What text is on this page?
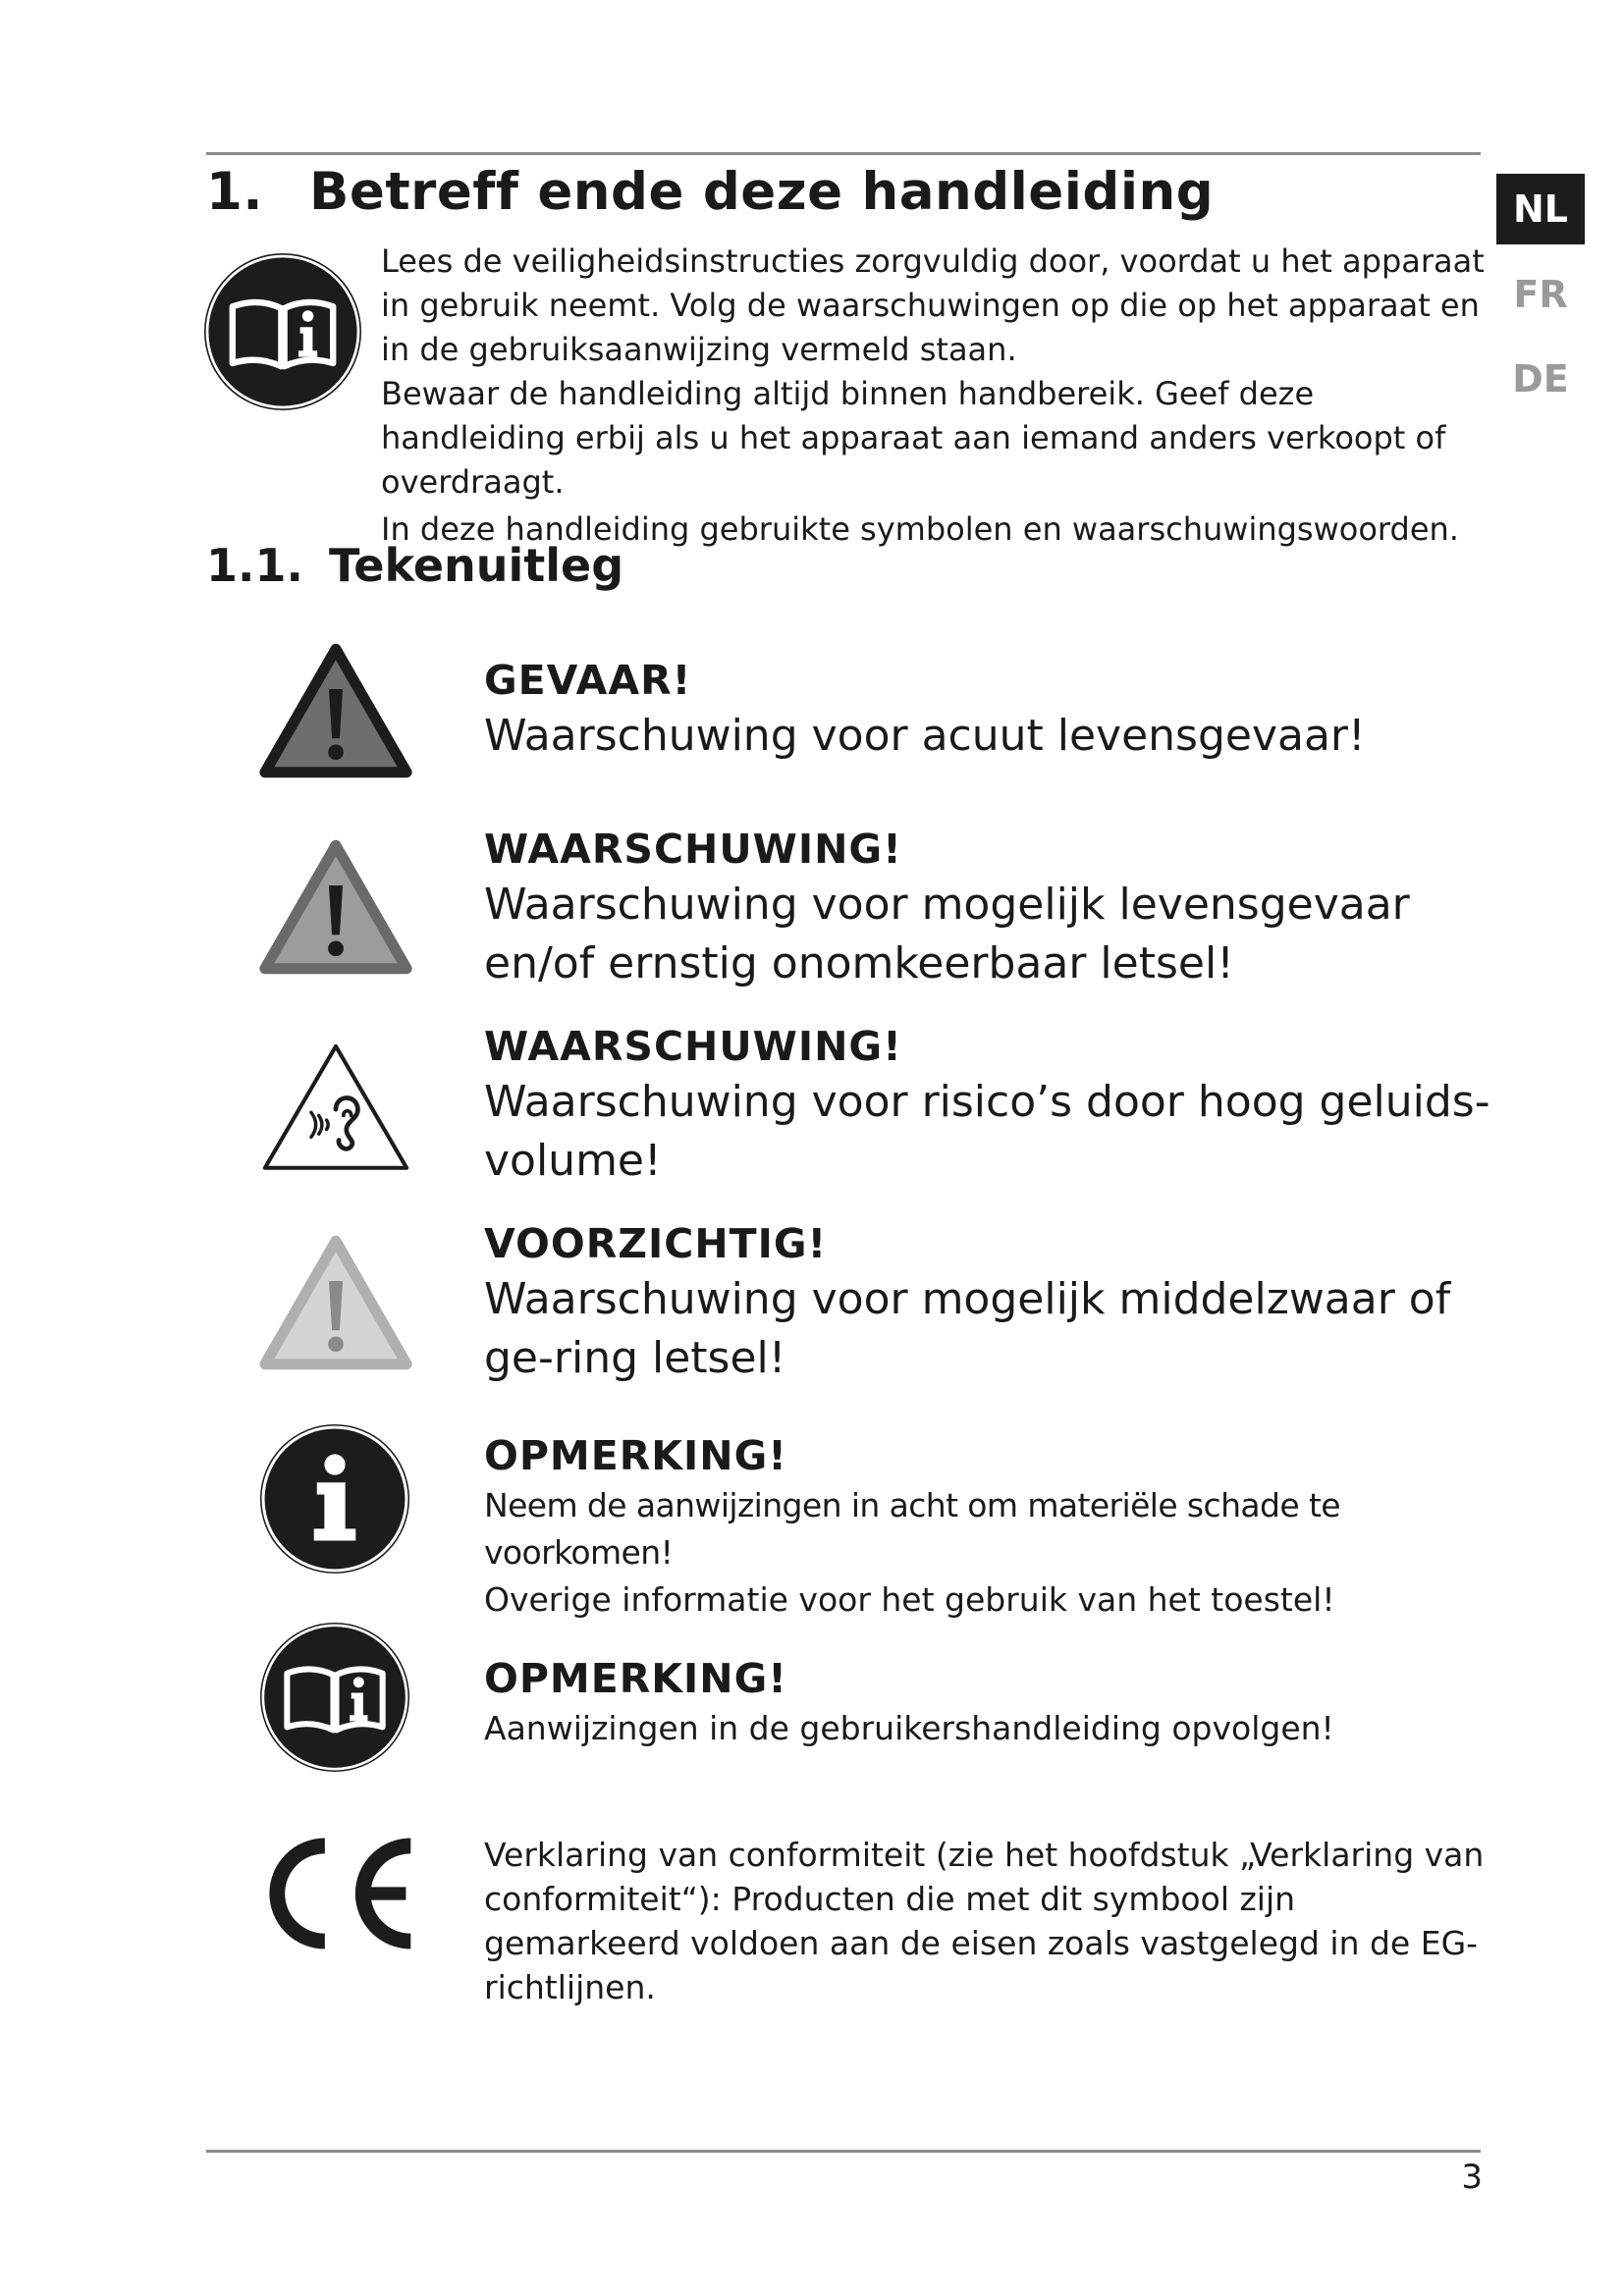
NL
FR
DE
1. Betreff ende deze handleiding

Lees de veiligheidsinstructies zorgvuldig door, voordat u het apparaat in gebruik neemt. Volg de waarschuwingen op die op het apparaat en in de gebruiksaanwijzing vermeld staan.

Bewaar de handleiding altijd binnen handbereik. Geef deze handleiding erbij als u het apparaat aan iemand anders verkoopt of overdraagt.

In deze handleiding gebruikte symbolen en waarschuwingswoorden.

1.1. Tekenuitleg
GEVAAR!
Waarschuwing voor acuut levensgevaar!
WAARSCHUWING!
Waarschuwing voor mogelijk levensgevaar en/of ernstig onomkeerbaar letsel!
WAARSCHUWING!
Waarschuwing voor risico’s door hoog geluids-volume!
VOORZICHTIG!
Waarschuwing voor mogelijk middelzwaar of ge-ring letsel!
OPMERKING!
Neem de aanwijzingen in acht om materiële schade te voorkomen!
Overige informatie voor het gebruik van het toestel!
OPMERKING!
Aanwijzingen in de gebruikershandleiding opvolgen!
Verklaring van conformiteit (zie het hoofdstuk „Verklaring van conformiteit“): Producten die met dit symbool zijn gemarkeerd voldoen aan de eisen zoals vastgelegd in de EG-richtlijnen.
3
